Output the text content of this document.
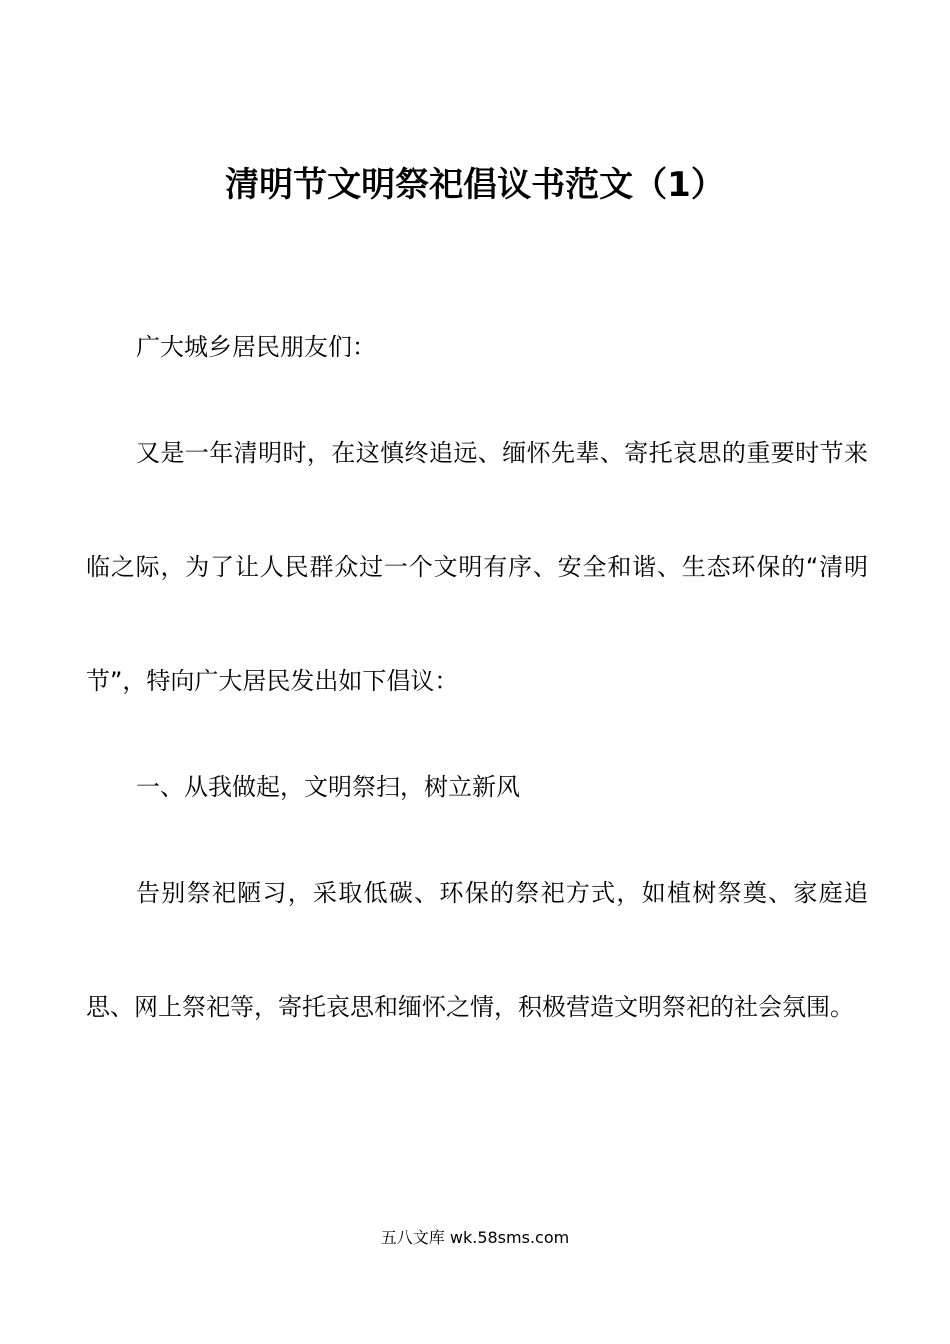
清明节文明祭祀倡议书范文（1）

广大城乡居民朋友们：

又是一年清明时，在这慎终追远、缅怀先辈、寄托哀思的重要时节来临之际，为了让人民群众过一个文明有序、安全和谐、生态环保的“清明节”，特向广大居民发出如下倡议：

一、从我做起，文明祭扫，树立新风

告别祭祀陋习，采取低碳、环保的祭祀方式，如植树祭奠、家庭追思、网上祭祀等，寄托哀思和缅怀之情，积极营造文明祭祀的社会氛围。

五八文库 wk.58sms.com
